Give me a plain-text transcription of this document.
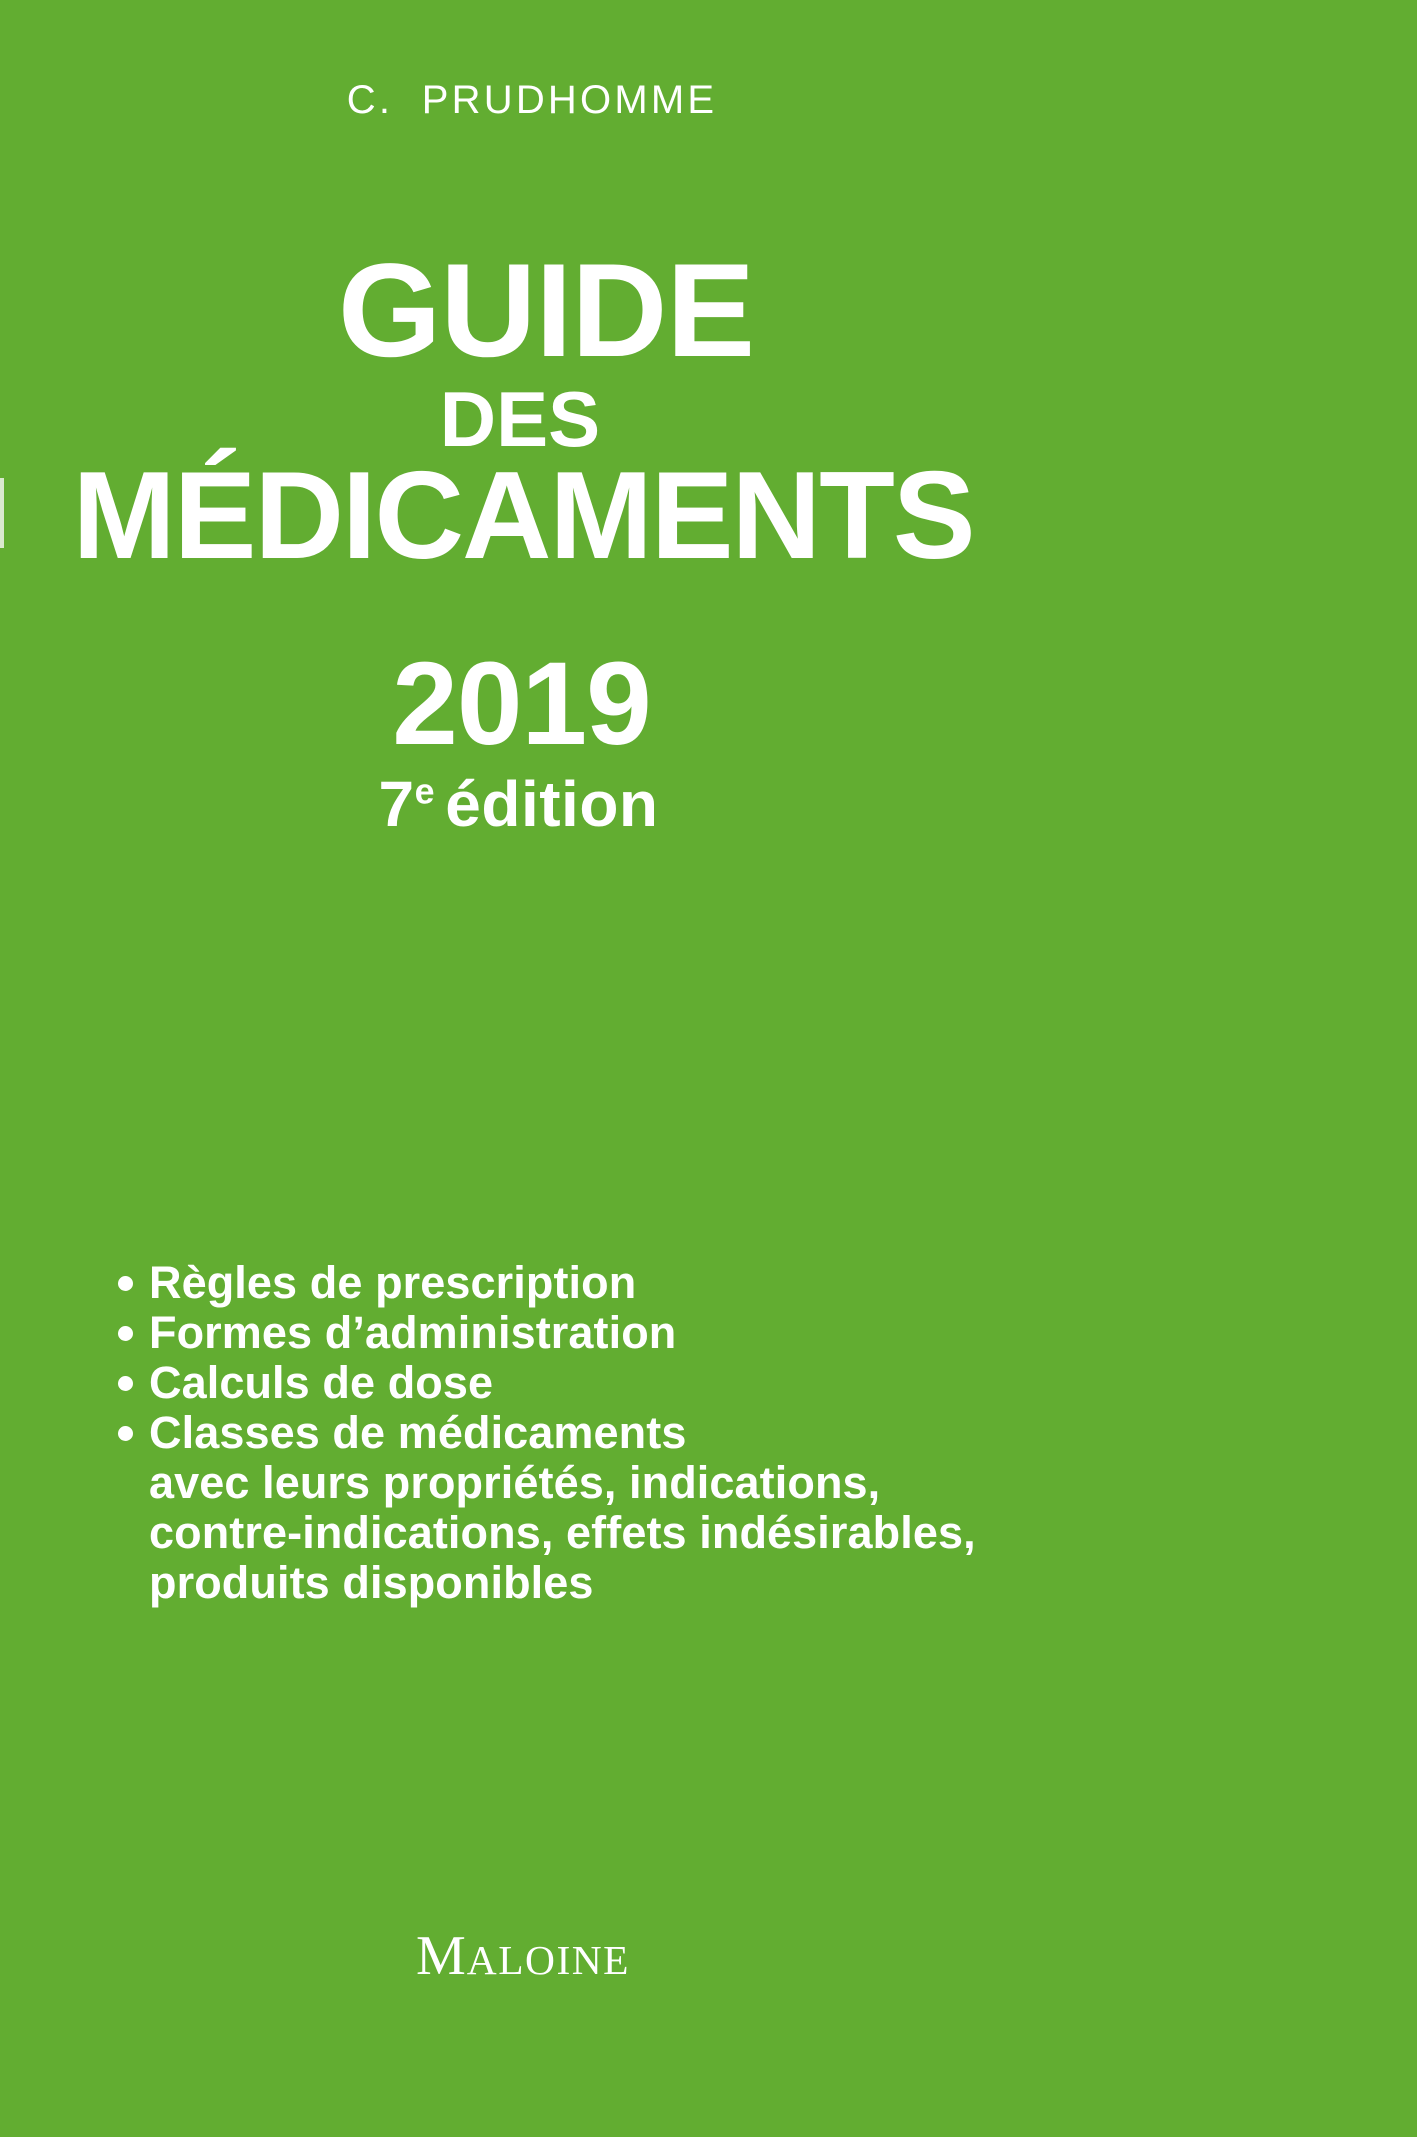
C.  PRUDHOMME
GUIDE
DES
MÉDICAMENTS
2019
7e édition
Règles de prescription
Formes d’administration
Calculs de dose
Classes de médicaments
avec leurs propriétés, indications,
contre-indications, effets indésirables,
produits disponibles
MALOINE
